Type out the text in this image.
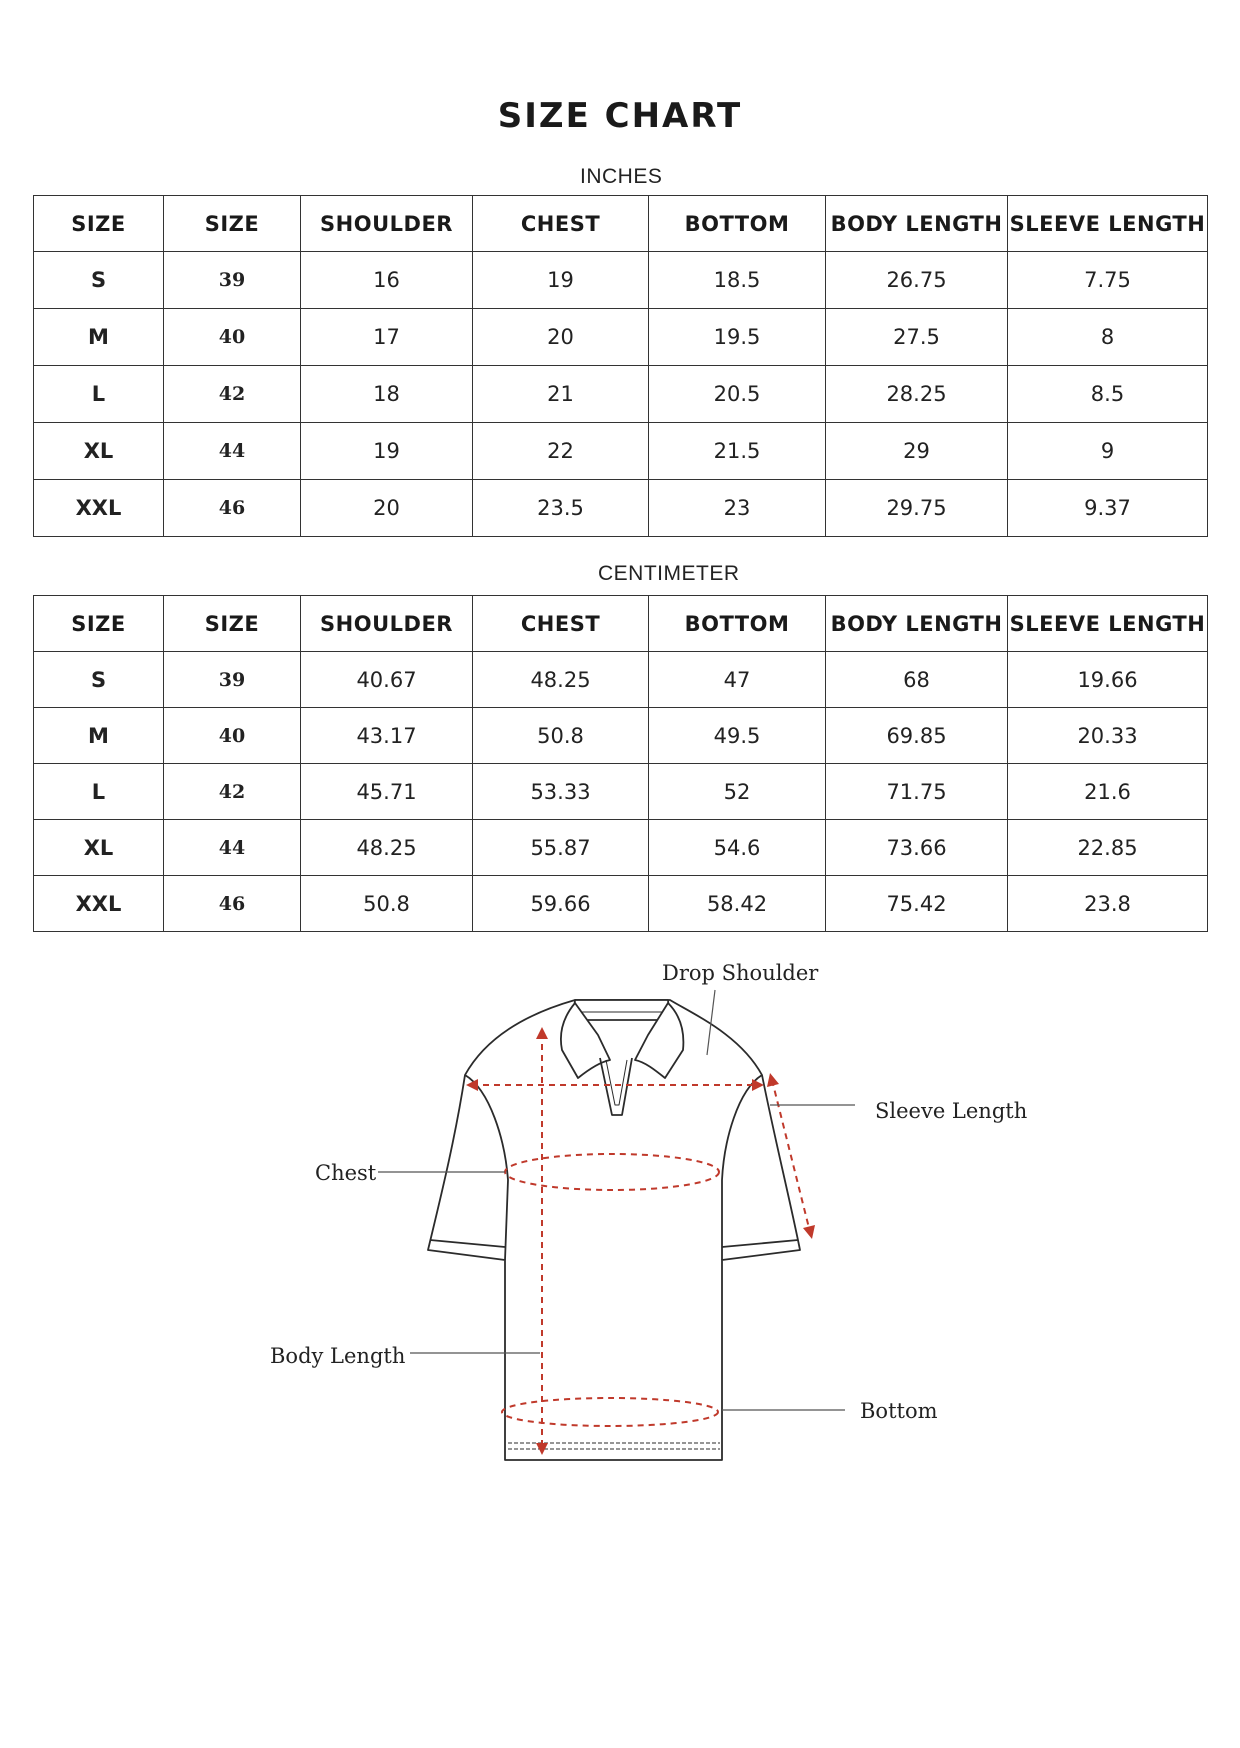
SIZE CHART
INCHES
SIZE	SIZE	SHOULDER	CHEST	BOTTOM	BODY LENGTH	SLEEVE LENGTH
S	39	16	19	18.5	26.75	7.75
M	40	17	20	19.5	27.5	8
L	42	18	21	20.5	28.25	8.5
XL	44	19	22	21.5	29	9
XXL	46	20	23.5	23	29.75	9.37
CENTIMETER
SIZE	SIZE	SHOULDER	CHEST	BOTTOM	BODY LENGTH	SLEEVE LENGTH
S	39	40.67	48.25	47	68	19.66
M	40	43.17	50.8	49.5	69.85	20.33
L	42	45.71	53.33	52	71.75	21.6
XL	44	48.25	55.87	54.6	73.66	22.85
XXL	46	50.8	59.66	58.42	75.42	23.8
Drop Shoulder
Sleeve Length
Chest
Body Length
Bottom
